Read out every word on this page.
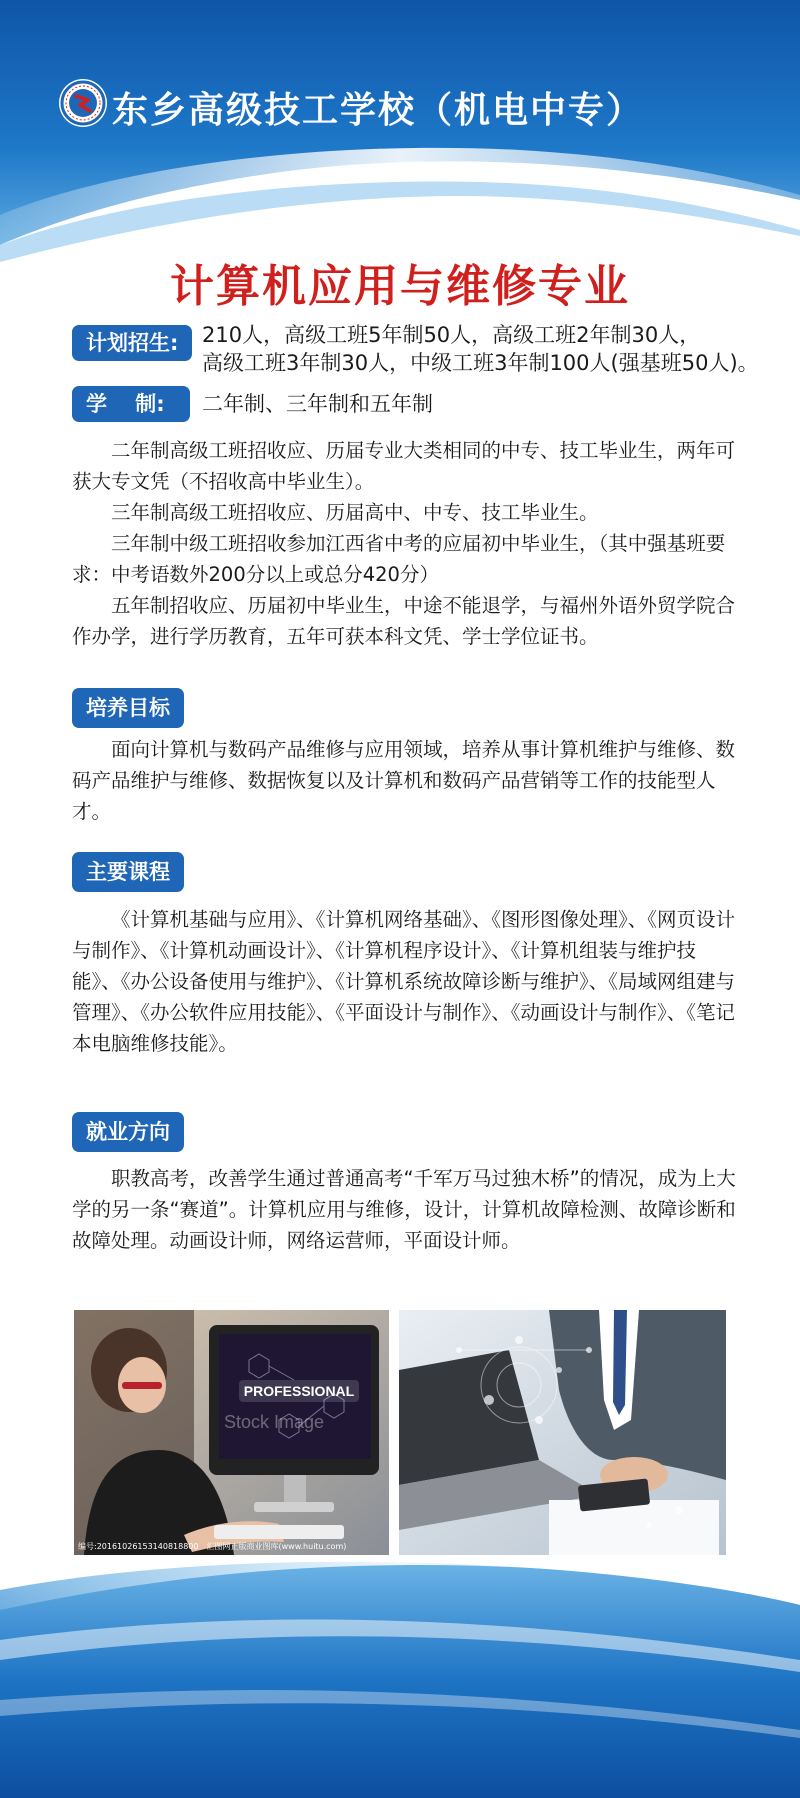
东乡高级技工学校（机电中专）
计算机应用与维修专业
计划招生:	210人，高级工班5年制50人，高级工班2年制30人，
高级工班3年制30人，中级工班3年制100人(强基班50人)。
学　 制:	二年制、三年制和五年制

二年制高级工班招收应、历届专业大类相同的中专、技工毕业生，两年可获大专文凭（不招收高中毕业生）。

三年制高级工班招收应、历届高中、中专、技工毕业生。

三年制中级工班招收参加江西省中考的应届初中毕业生，（其中强基班要求：中考语数外200分以上或总分420分）

五年制招收应、历届初中毕业生，中途不能退学，与福州外语外贸学院合作办学，进行学历教育，五年可获本科文凭、学士学位证书。

培养目标

面向计算机与数码产品维修与应用领域，培养从事计算机维护与维修、数码产品维护与维修、数据恢复以及计算机和数码产品营销等工作的技能型人才。

主要课程

《计算机基础与应用》、《计算机网络基础》、《图形图像处理》、《网页设计与制作》、《计算机动画设计》、《计算机程序设计》、《计算机组装与维护技能》、《办公设备使用与维护》、《计算机系统故障诊断与维护》、《局域网组建与管理》、《办公软件应用技能》、《平面设计与制作》、《动画设计与制作》、《笔记本电脑维修技能》。

就业方向

职教高考，改善学生通过普通高考“千军万马过独木桥”的情况，成为上大学的另一条“赛道”。计算机应用与维修，设计，计算机故障检测、故障诊断和故障处理。动画设计师，网络运营师，平面设计师。

PROFESSIONAL
Stock Image
编号:20161026153140818800　汇图网正版商业图库(www.huitu.com)
